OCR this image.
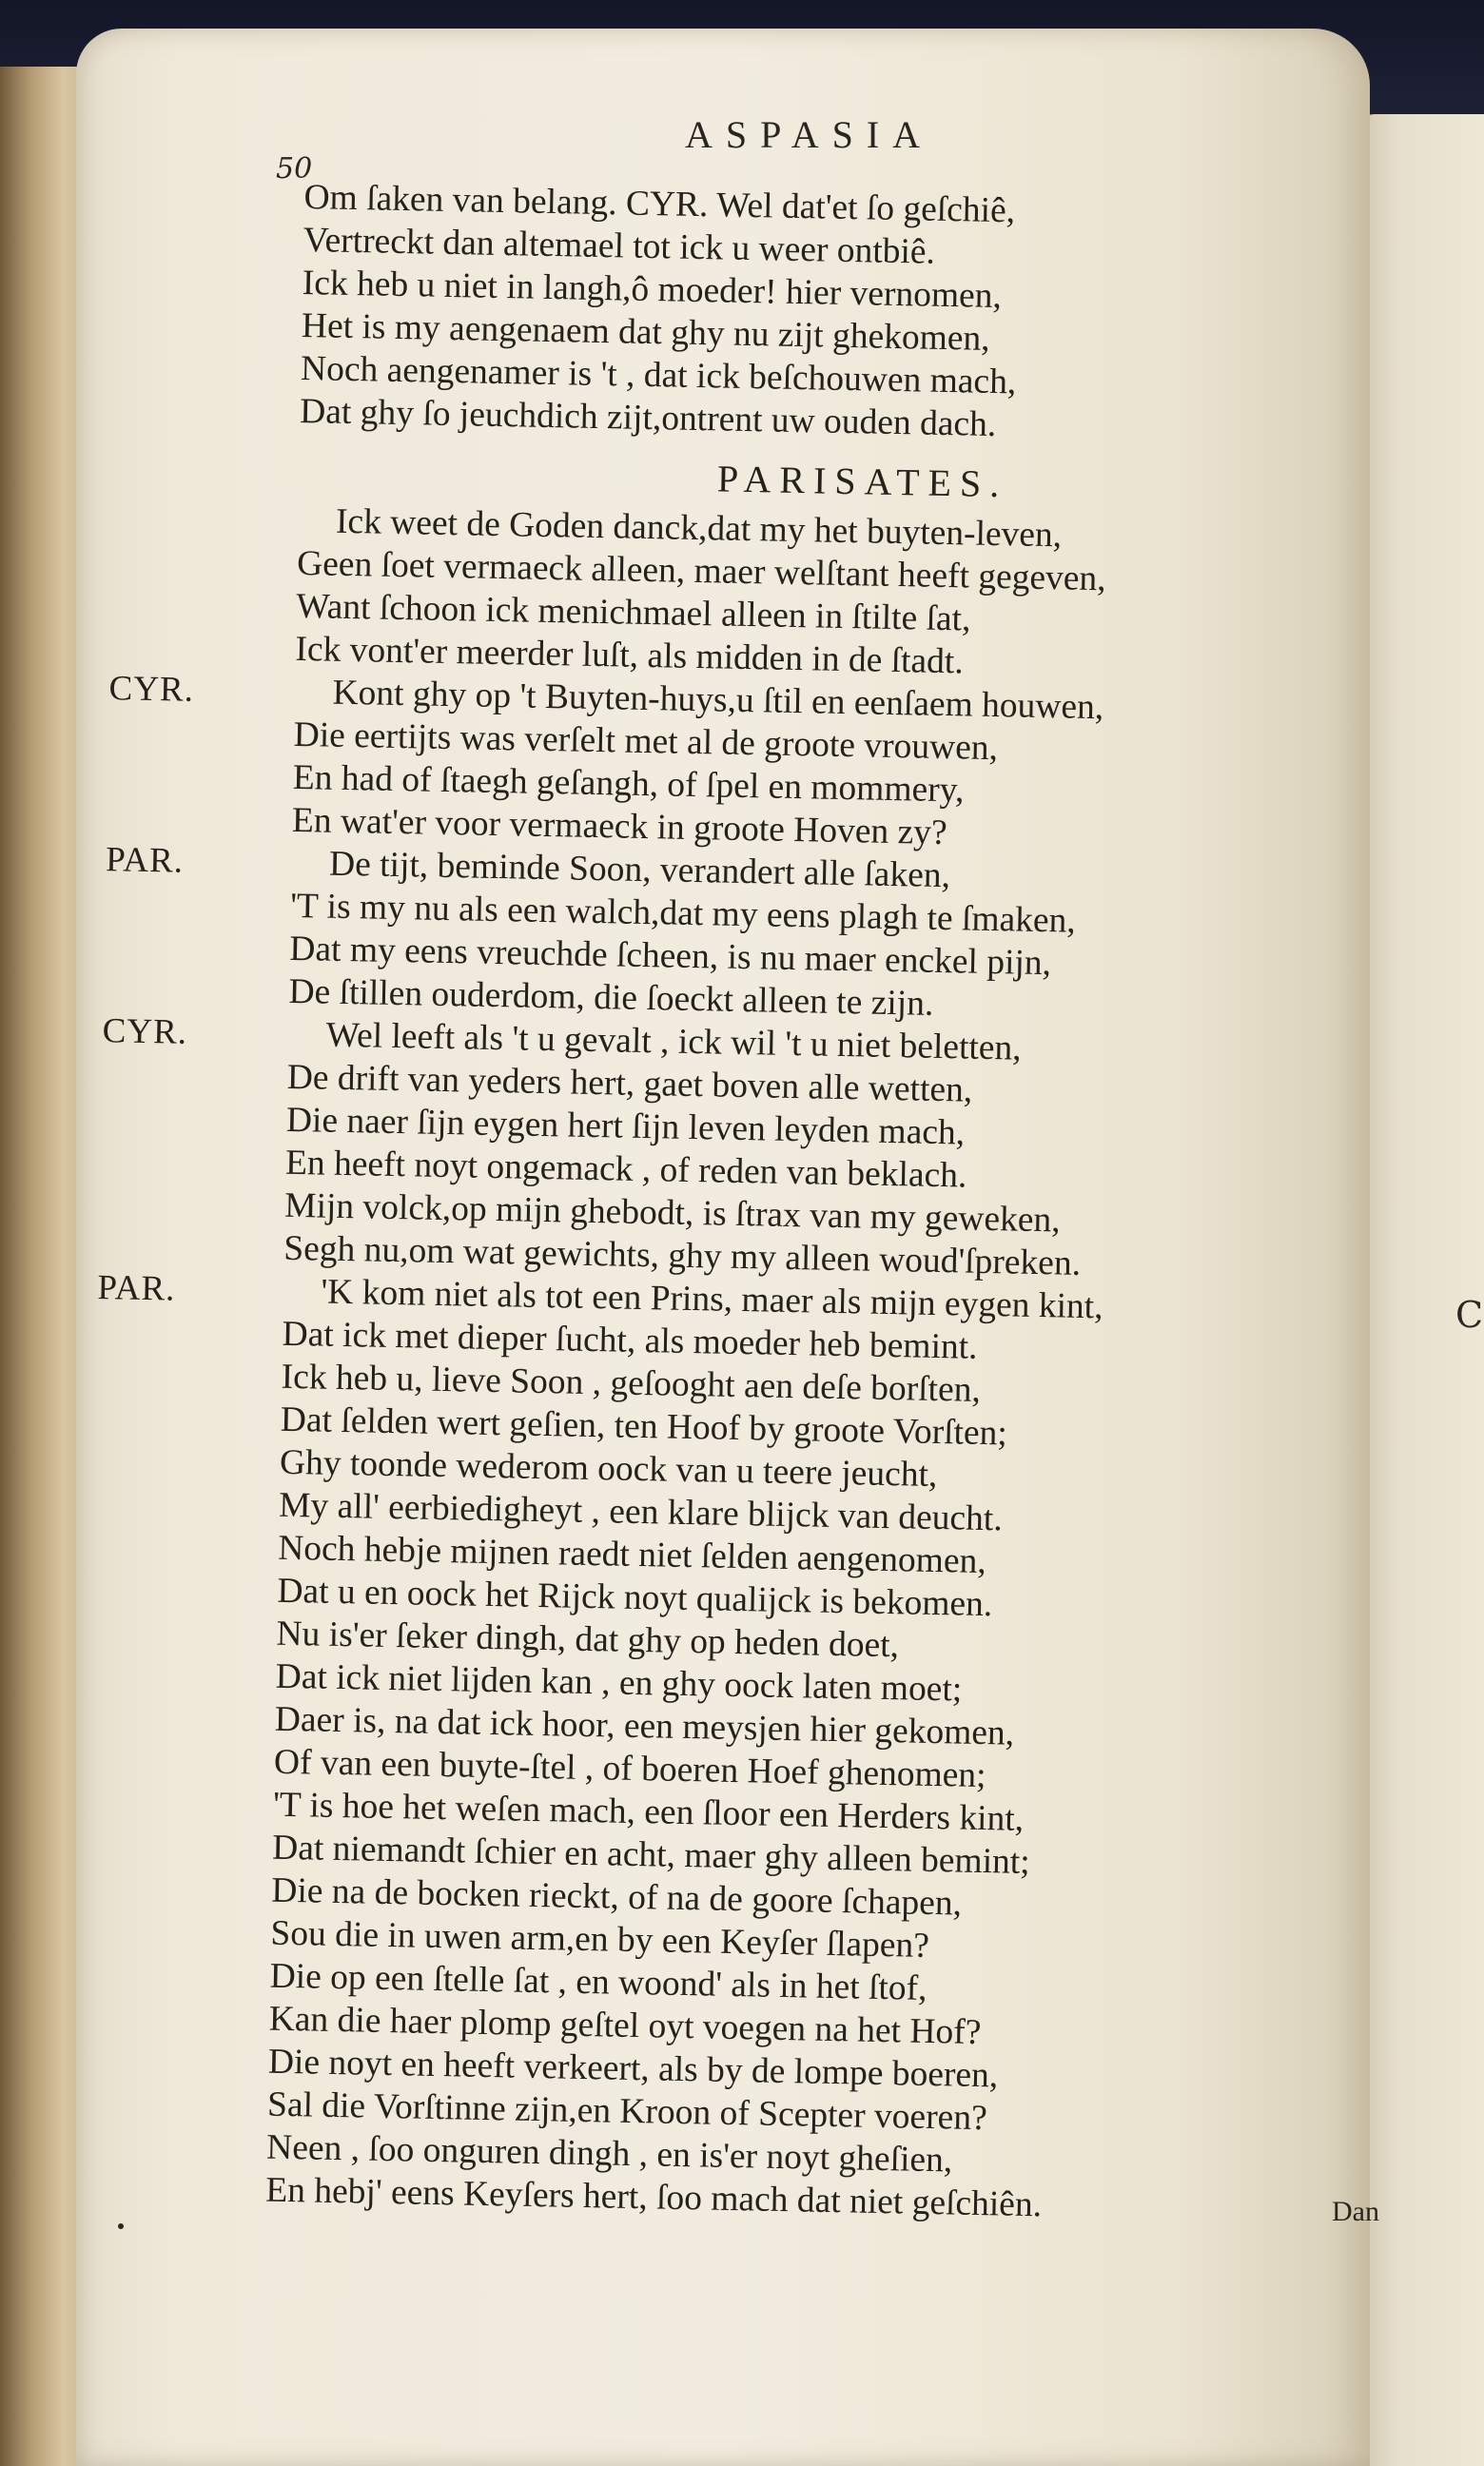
C
50
ASPASIA
Om ſaken van belang. CYR. Wel dat'et ſo geſchiê,
Vertreckt dan altemael tot ick u weer ontbiê.
Ick heb u niet in langh,ô moeder! hier vernomen,
Het is my aengenaem dat ghy nu zijt ghekomen,
Noch aengenamer is 't , dat ick beſchouwen mach,
Dat ghy ſo jeuchdich zijt,ontrent uw ouden dach.
PARISATES.
Ick weet de Goden danck,dat my het buyten-leven,
Geen ſoet vermaeck alleen, maer welſtant heeft gegeven,
Want ſchoon ick menichmael alleen in ſtilte ſat,
Ick vont'er meerder luſt, als midden in de ſtadt.
CYR.	Kont ghy op 't Buyten-huys,u ſtil en eenſaem houwen,
Die eertijts was verſelt met al de groote vrouwen,
En had of ſtaegh geſangh, of ſpel en mommery,
En wat'er voor vermaeck in groote Hoven zy?
PAR.	De tijt, beminde Soon, verandert alle ſaken,
'T is my nu als een walch,dat my eens plagh te ſmaken,
Dat my eens vreuchde ſcheen, is nu maer enckel pijn,
De ſtillen ouderdom, die ſoeckt alleen te zijn.
CYR.	Wel leeft als 't u gevalt , ick wil 't u niet beletten,
De drift van yeders hert, gaet boven alle wetten,
Die naer ſijn eygen hert ſijn leven leyden mach,
En heeft noyt ongemack , of reden van beklach.
Mijn volck,op mijn ghebodt, is ſtrax van my geweken,
Segh nu,om wat gewichts, ghy my alleen woud'ſpreken.
PAR.	'K kom niet als tot een Prins, maer als mijn eygen kint,
Dat ick met dieper ſucht, als moeder heb bemint.
Ick heb u, lieve Soon , geſooght aen deſe borſten,
Dat ſelden wert geſien, ten Hoof by groote Vorſten;
Ghy toonde wederom oock van u teere jeucht,
My all' eerbiedigheyt , een klare blijck van deucht.
Noch hebje mijnen raedt niet ſelden aengenomen,
Dat u en oock het Rijck noyt qualijck is bekomen.
Nu is'er ſeker dingh, dat ghy op heden doet,
Dat ick niet lijden kan , en ghy oock laten moet;
Daer is, na dat ick hoor, een meysjen hier gekomen,
Of van een buyte-ſtel , of boeren Hoef ghenomen;
'T is hoe het weſen mach, een ſloor een Herders kint,
Dat niemandt ſchier en acht, maer ghy alleen bemint;
Die na de bocken rieckt, of na de goore ſchapen,
Sou die in uwen arm,en by een Keyſer ſlapen?
Die op een ſtelle ſat , en woond' als in het ſtof,
Kan die haer plomp geſtel oyt voegen na het Hof?
Die noyt en heeft verkeert, als by de lompe boeren,
Sal die Vorſtinne zijn,en Kroon of Scepter voeren?
Neen , ſoo onguren dingh , en is'er noyt gheſien,
En hebj' eens Keyſers hert, ſoo mach dat niet geſchiên.	Dan
